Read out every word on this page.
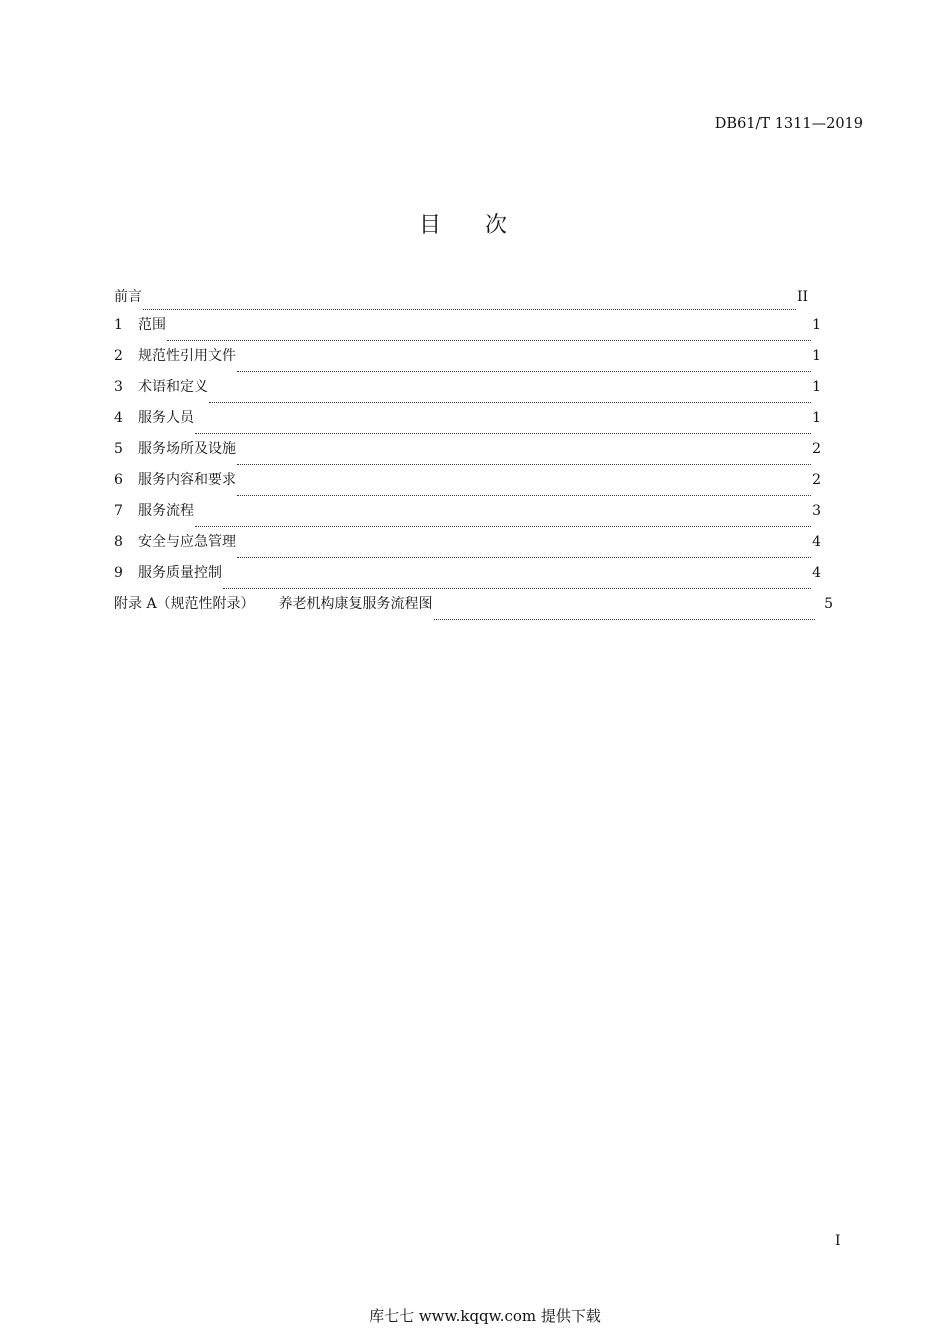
DB61/T 1311—2019
目次
前言	II
1	范围	1
2	规范性引用文件	1
3	术语和定义	1
4	服务人员	1
5	服务场所及设施	2
6	服务内容和要求	2
7	服务流程	3
8	安全与应急管理	4
9	服务质量控制	4
附录 A（规范性附录） 养老机构康复服务流程图	5
I
库七七 www.kqqw.com 提供下载
